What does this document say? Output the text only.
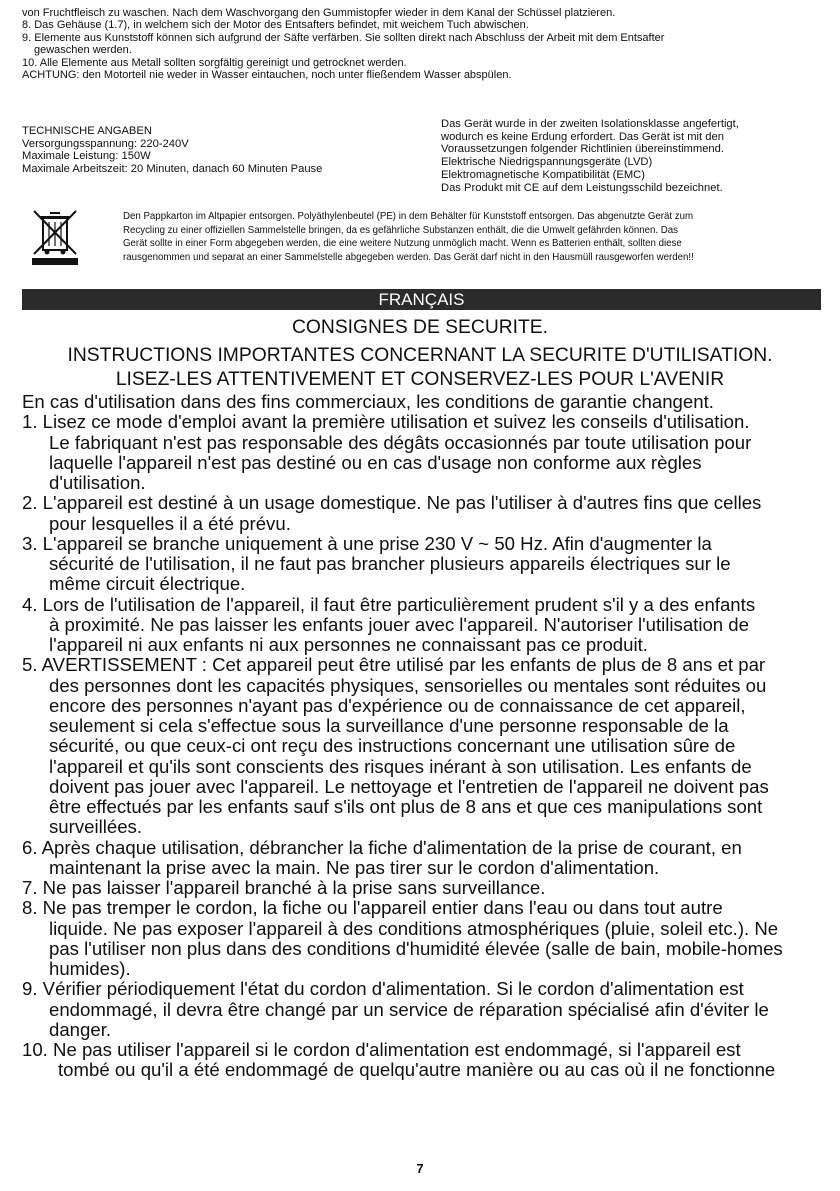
von Fruchtfleisch zu waschen. Nach dem Waschvorgang den Gummistopfer wieder in dem Kanal der Schüssel platzieren.
8. Das Gehäuse (1.7), in welchem sich der Motor des Entsafters befindet, mit weichem Tuch abwischen.
9. Elemente aus Kunststoff können sich aufgrund der Säfte verfärben. Sie sollten direkt nach Abschluss der Arbeit mit dem Entsafter
gewaschen werden.
10. Alle Elemente aus Metall sollten sorgfältig gereinigt und getrocknet werden.
ACHTUNG: den Motorteil nie weder in Wasser eintauchen, noch unter fließendem Wasser abspülen.
TECHNISCHE ANGABEN
Versorgungsspannung: 220-240V
Maximale Leistung: 150W
Maximale Arbeitszeit: 20 Minuten, danach 60 Minuten Pause
Das Gerät wurde in der zweiten Isolationsklasse angefertigt,
wodurch es keine Erdung erfordert. Das Gerät ist mit den
Voraussetzungen folgender Richtlinien übereinstimmend.
Elektrische Niedrigspannungsgeräte (LVD)
Elektromagnetische Kompatibilität (EMC)
Das Produkt mit CE auf dem Leistungsschild bezeichnet.
Den Pappkarton im Altpapier entsorgen. Polyäthylenbeutel (PE) in dem Behälter für Kunststoff entsorgen. Das abgenutzte Gerät zum
Recycling zu einer offiziellen Sammelstelle bringen, da es gefährliche Substanzen enthält, die die Umwelt gefährden können. Das
Gerät sollte in einer Form abgegeben werden, die eine weitere Nutzung unmöglich macht. Wenn es Batterien enthält, sollten diese
rausgenommen und separat an einer Sammelstelle abgegeben werden. Das Gerät darf nicht in den Hausmüll rausgeworfen werden!!
FRANÇAIS
CONSIGNES DE SECURITE.
INSTRUCTIONS IMPORTANTES CONCERNANT LA SECURITE D'UTILISATION.
LISEZ-LES ATTENTIVEMENT ET CONSERVEZ-LES POUR L'AVENIR
En cas d'utilisation dans des fins commerciaux, les conditions de garantie changent.
1. Lisez ce mode d'emploi avant la première utilisation et suivez les conseils d'utilisation.
Le fabriquant n'est pas responsable des dégâts occasionnés par toute utilisation pour
laquelle l'appareil n'est pas destiné ou en cas d'usage non conforme aux règles
d'utilisation.
2. L'appareil est destiné à un usage domestique. Ne pas l'utiliser à d'autres fins que celles
pour lesquelles il a été prévu.
3. L'appareil se branche uniquement à une prise 230 V ~ 50 Hz. Afin d'augmenter la
sécurité de l'utilisation, il ne faut pas brancher plusieurs appareils électriques sur le
même circuit électrique.
4. Lors de l'utilisation de l'appareil, il faut être particulièrement prudent s'il y a des enfants
à proximité. Ne pas laisser les enfants jouer avec l'appareil. N'autoriser l'utilisation de
l'appareil ni aux enfants ni aux personnes ne connaissant pas ce produit.
5. AVERTISSEMENT : Cet appareil peut être utilisé par les enfants de plus de 8 ans et par
des personnes dont les capacités physiques, sensorielles ou mentales sont réduites ou
encore des personnes n'ayant pas d'expérience ou de connaissance de cet appareil,
seulement si cela s'effectue sous la surveillance d'une personne responsable de la
sécurité, ou que ceux-ci ont reçu des instructions concernant une utilisation sûre de
l'appareil et qu'ils sont conscients des risques inérant à son utilisation. Les enfants de
doivent pas jouer avec l'appareil. Le nettoyage et l'entretien de l'appareil ne doivent pas
être effectués par les enfants sauf s'ils ont plus de 8 ans et que ces manipulations sont
surveillées.
6. Après chaque utilisation, débrancher la fiche d'alimentation de la prise de courant, en
maintenant la prise avec la main. Ne pas tirer sur le cordon d'alimentation.
7. Ne pas laisser l'appareil branché à la prise sans surveillance.
8. Ne pas tremper le cordon, la fiche ou l'appareil entier dans l'eau ou dans tout autre
liquide. Ne pas exposer l'appareil à des conditions atmosphériques (pluie, soleil etc.). Ne
pas l'utiliser non plus dans des conditions d'humidité élevée (salle de bain, mobile-homes
humides).
9. Vérifier périodiquement l'état du cordon d'alimentation. Si le cordon d'alimentation est
endommagé, il devra être changé par un service de réparation spécialisé afin d'éviter le
danger.
10. Ne pas utiliser l'appareil si le cordon d'alimentation est endommagé, si l'appareil est
tombé ou qu'il a été endommagé de quelqu'autre manière ou au cas où il ne fonctionne
7
